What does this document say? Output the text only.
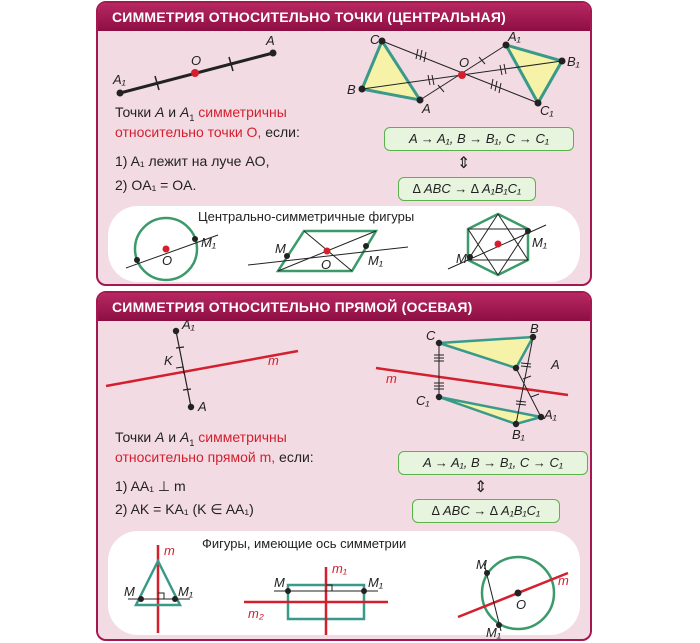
СИММЕТРИЯ ОТНОСИТЕЛЬНО ТОЧКИ (ЦЕНТРАЛЬНАЯ)
A₁
A
O
C
B
A
O
A₁
B₁
C₁
Точки A и $A_1$ симметричны
относительно точки O, если:
1) A₁ лежит на луче AO,
2) OA₁ = OA.
A → A₁, B → B₁, C → C₁
⇕
∆ ABC → ∆ A₁B₁C₁
Центрально-симметричные фигуры
O
M₁	M
O	M₁	M
M₁
СИММЕТРИЯ ОТНОСИТЕЛЬНО ПРЯМОЙ (ОСЕВАЯ)
A₁
K
A
m
C	B
A
m
C₁
A₁
B₁
Точки A и $A_1$ симметричны
относительно прямой m, если:
1) AA₁ ⊥ m
2) AK = KA₁ (K ∈ AA₁)
A → A₁, B → B₁, C → C₁
⇕
∆ ABC → ∆ A₁B₁C₁
Фигуры, имеющие ось симметрии
m
M	M₁
m₁
m₂
M	M₁
M
O
M₁
m
